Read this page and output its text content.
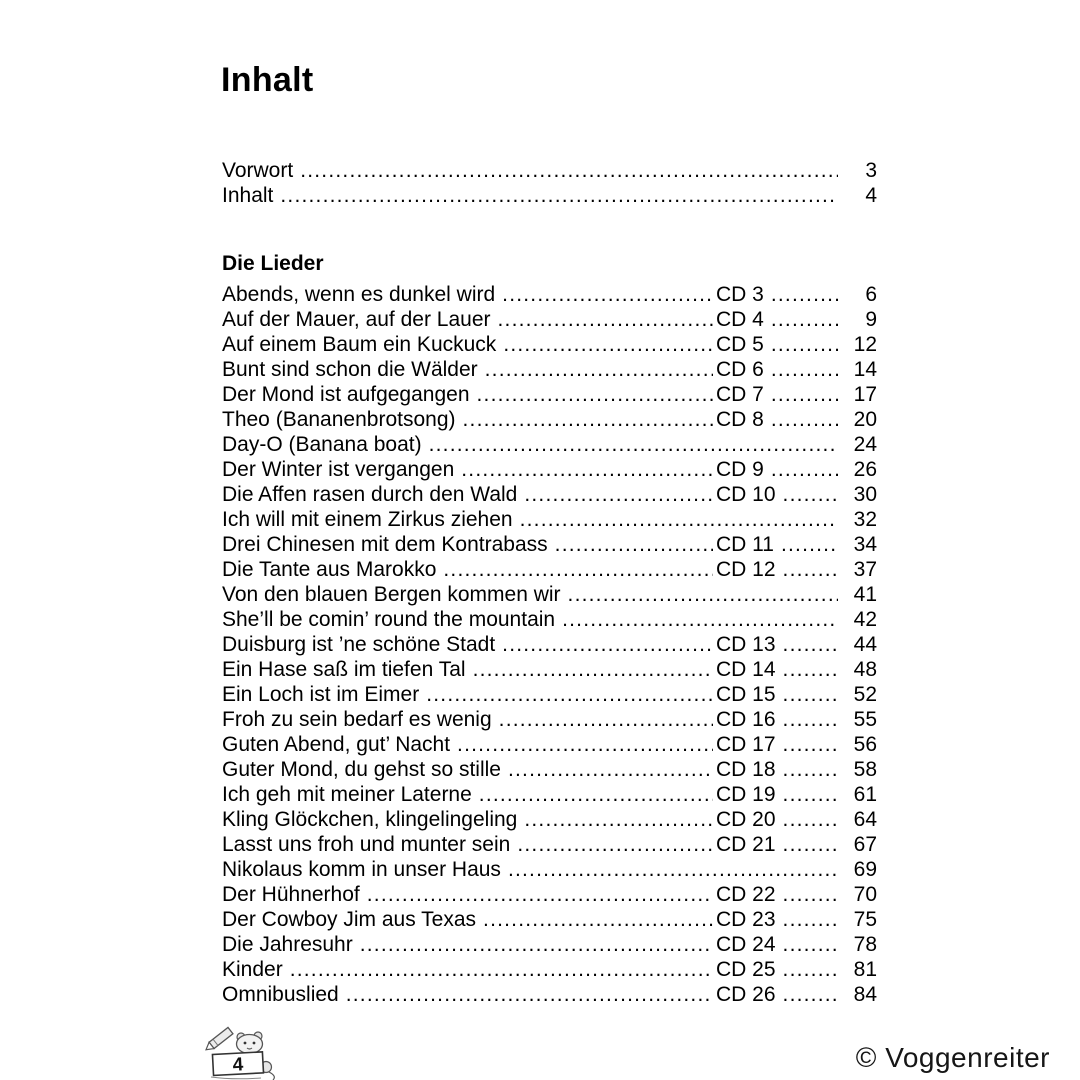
Inhalt
Vorwort .....	3
Inhalt .....	4
Die Lieder
Abends, wenn es dunkel wird .....	CD 3 .....	6
Auf der Mauer, auf der Lauer .....	CD 4 .....	9
Auf einem Baum ein Kuckuck .....	CD 5 .....	12
Bunt sind schon die Wälder .....	CD 6 .....	14
Der Mond ist aufgegangen .....	CD 7 .....	17
Theo (Bananenbrotsong) .....	CD 8 .....	20
Day-O (Banana boat) .....	24
Der Winter ist vergangen .....	CD 9 .....	26
Die Affen rasen durch den Wald .....	CD 10 .....	30
Ich will mit einem Zirkus ziehen .....	32
Drei Chinesen mit dem Kontrabass .....	CD 11 .....	34
Die Tante aus Marokko .....	CD 12 .....	37
Von den blauen Bergen kommen wir .....	41
She’ll be comin’ round the mountain .....	42
Duisburg ist ’ne schöne Stadt .....	CD 13 .....	44
Ein Hase saß im tiefen Tal .....	CD 14 .....	48
Ein Loch ist im Eimer .....	CD 15 .....	52
Froh zu sein bedarf es wenig .....	CD 16 .....	55
Guten Abend, gut’ Nacht .....	CD 17 .....	56
Guter Mond, du gehst so stille .....	CD 18 .....	58
Ich geh mit meiner Laterne .....	CD 19 .....	61
Kling Glöckchen, klingelingeling .....	CD 20 .....	64
Lasst uns froh und munter sein .....	CD 21 .....	67
Nikolaus komm in unser Haus .....	69
Der Hühnerhof .....	CD 22 .....	70
Der Cowboy Jim aus Texas .....	CD 23 .....	75
Die Jahresuhr .....	CD 24 .....	78
Kinder .....	CD 25 .....	81
Omnibuslied .....	CD 26 .....	84
4	© Voggenreiter
